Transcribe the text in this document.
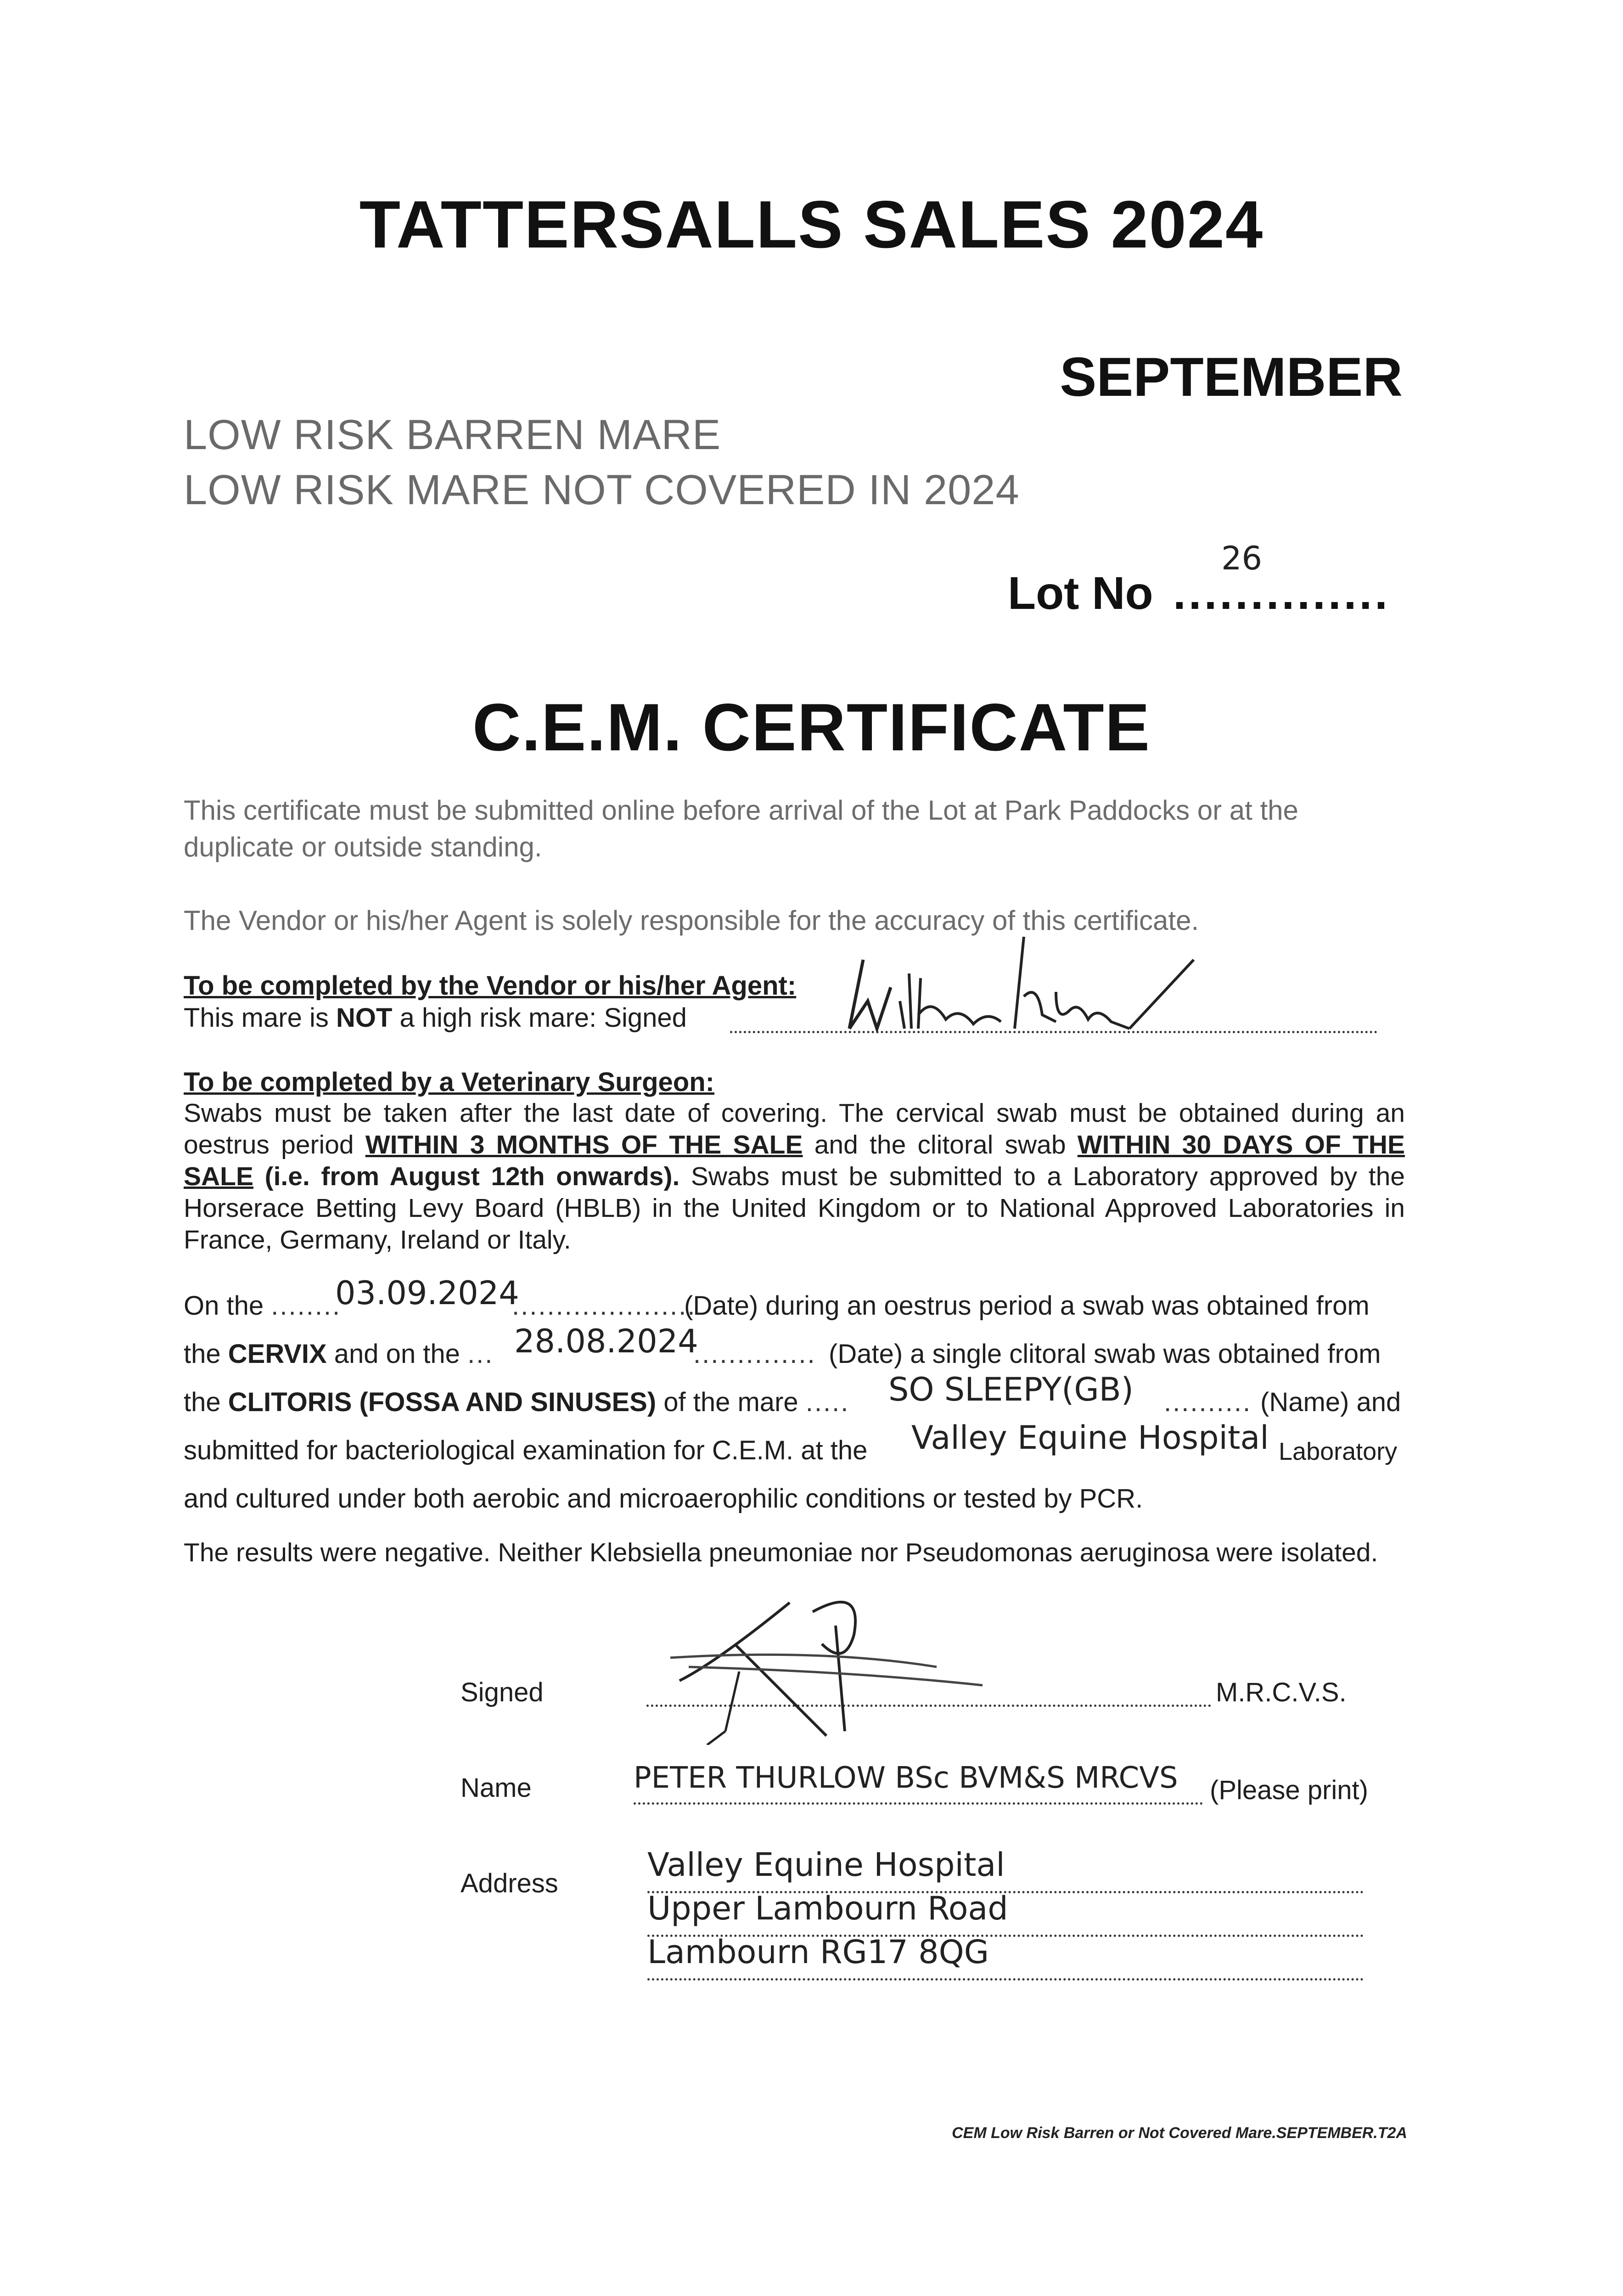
TATTERSALLS SALES 2024
SEPTEMBER
LOW RISK BARREN MARE
LOW RISK MARE NOT COVERED IN 2024
Lot No ..............
26
C.E.M. CERTIFICATE
This certificate must be submitted online before arrival of the Lot at Park Paddocks or at the duplicate or outside standing.
The Vendor or his/her Agent is solely responsible for the accuracy of this certificate.
To be completed by the Vendor or his/her Agent:
This mare is NOT a high risk mare: Signed
To be completed by a Veterinary Surgeon:
Swabs must be taken after the last date of covering. The cervical swab must be obtained during an oestrus period WITHIN 3 MONTHS OF THE SALE and the clitoral swab WITHIN 30 DAYS OF THE SALE (i.e. from August 12th onwards). Swabs must be submitted to a Laboratory approved by the Horserace Betting Levy Board (HBLB) in the United Kingdom or to National Approved Laboratories in France, Germany, Ireland or Italy.
On the ........
03.09.2024
.....................
(Date) during an oestrus period a swab was obtained from
the CERVIX and on the ... 28.08.2024
.............. (Date) a single clitoral swab was obtained from
the CLITORIS (FOSSA AND SINUSES) of the mare ..... SO SLEEPY(GB) .......... (Name) and
submitted for bacteriological examination for C.E.M. at the Valley Equine Hospital Laboratory
and cultured under both aerobic and microaerophilic conditions or tested by PCR.
The results were negative. Neither Klebsiella pneumoniae nor Pseudomonas aeruginosa were isolated.
Signed	M.R.C.V.S.
Name	PETER THURLOW BSc BVM&S MRCVS (Please print)
Address	Valley Equine Hospital
Upper Lambourn Road
Lambourn RG17 8QG
CEM Low Risk Barren or Not Covered Mare.SEPTEMBER.T2A
